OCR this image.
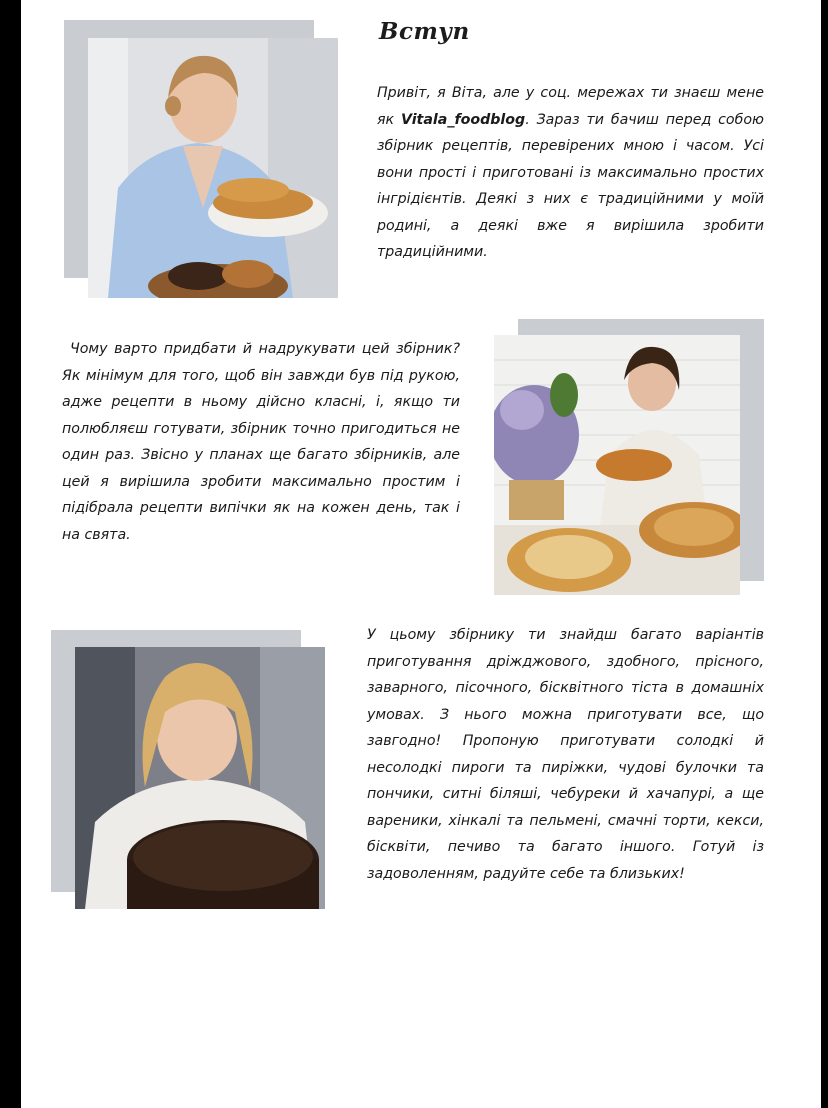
Вступ

Привіт, я Віта, але у соц. мережах ти знаєш мене як Vitala_foodblog. Зараз ти бачиш перед собою збірник рецептів, перевірених мною і часом. Усі вони прості і приготовані із максимально простих інгрідієнтів. Деякі з них є традиційними у моїй родині, а деякі вже я вирішила зробити традиційними.

Чому варто придбати й надрукувати цей збірник? Як мінімум для того, щоб він завжди був під рукою, адже рецепти в ньому дійсно класні, і, якщо ти полюбляєш готувати, збірник точно пригодиться не один раз. Звісно у планах ще багато збірників, але цей я вирішила зробити максимально простим і підібрала рецепти випічки як на кожен день, так і на свята.

У цьому збірнику ти знайдш багато варіантів приготування дріжджового, здобного, прісного, заварного, пісочного, бісквітного тіста в домашніх умовах. З нього можна приготувати все, що завгодно! Пропоную приготувати солодкі й несолодкі пироги та пиріжки, чудові булочки та пончики, ситні біляші, чебуреки й хачапурі, а ще вареники, хінкалі та пельмені, смачні торти, кекси, бісквіти, печиво та багато іншого. Готуй із задоволенням, радуйте себе та близьких!
